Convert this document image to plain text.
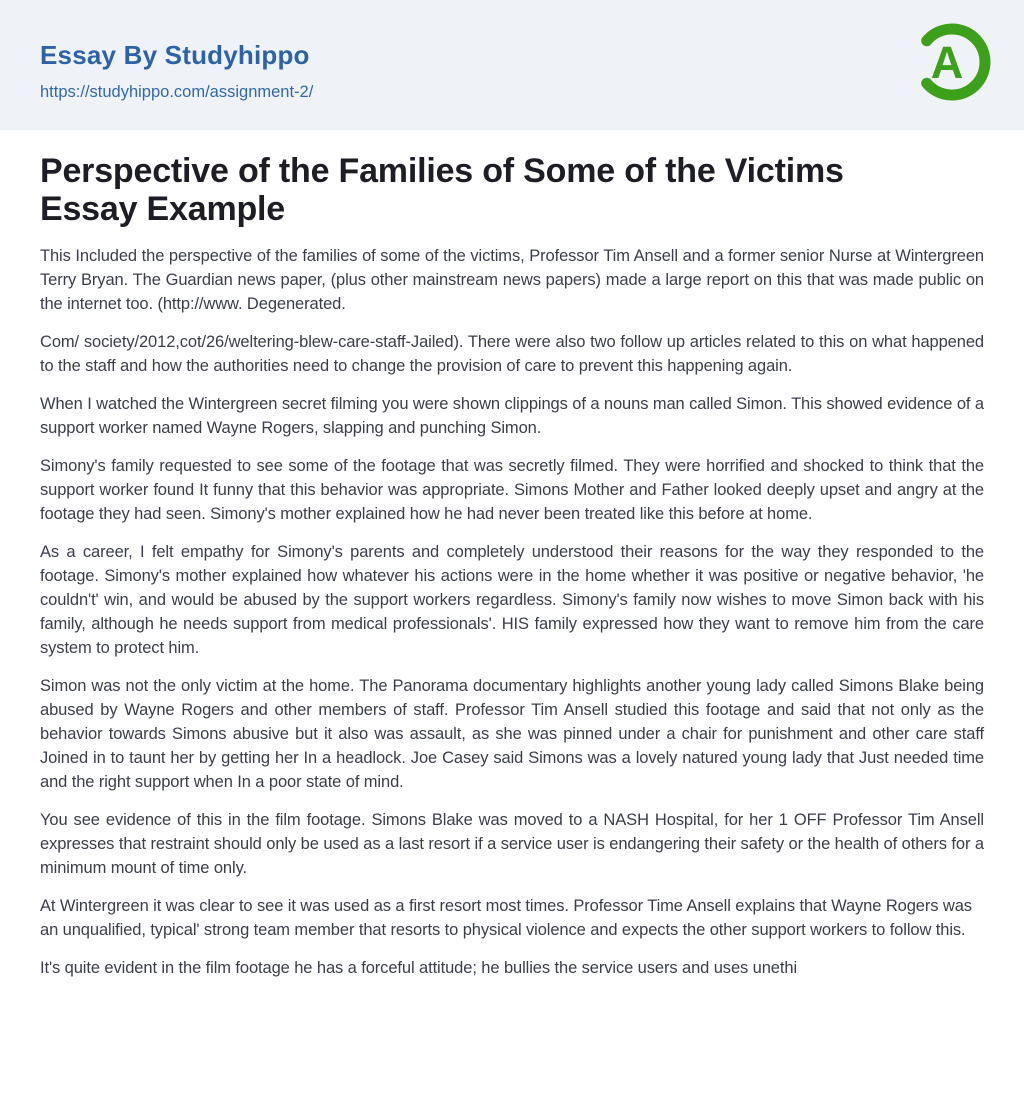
Essay By Studyhippo
https://studyhippo.com/assignment-2/
A
Perspective of the Families of Some of the Victims Essay Example

This Included the perspective of the families of some of the victims, Professor Tim Ansell and a former senior Nurse at Wintergreen Terry Bryan. The Guardian news paper, (plus other mainstream news papers) made a large report on this that was made public on the internet too. (http://www. Degenerated.

Com/ society/2012,cot/26/weltering-blew-care-staff-Jailed). There were also two follow up articles related to this on what happened to the staff and how the authorities need to change the provision of care to prevent this happening again.

When I watched the Wintergreen secret filming you were shown clippings of a nouns man called Simon. This showed evidence of a support worker named Wayne Rogers, slapping and punching Simon.

Simony's family requested to see some of the footage that was secretly filmed. They were horrified and shocked to think that the support worker found It funny that this behavior was appropriate. Simons Mother and Father looked deeply upset and angry at the footage they had seen. Simony's mother explained how he had never been treated like this before at home.

As a career, I felt empathy for Simony's parents and completely understood their reasons for the way they responded to the footage. Simony's mother explained how whatever his actions were in the home whether it was positive or negative behavior, 'he couldn't' win, and would be abused by the support workers regardless. Simony's family now wishes to move Simon back with his family, although he needs support from medical professionals'. HIS family expressed how they want to remove him from the care system to protect him.

Simon was not the only victim at the home. The Panorama documentary highlights another young lady called Simons Blake being abused by Wayne Rogers and other members of staff. Professor Tim Ansell studied this footage and said that not only as the behavior towards Simons abusive but it also was assault, as she was pinned under a chair for punishment and other care staff Joined in to taunt her by getting her In a headlock. Joe Casey said Simons was a lovely natured young lady that Just needed time and the right support when In a poor state of mind.

You see evidence of this in the film footage. Simons Blake was moved to a NASH Hospital, for her 1 OFF Professor Tim Ansell expresses that restraint should only be used as a last resort if a service user is endangering their safety or the health of others for a minimum mount of time only.

At Wintergreen it was clear to see it was used as a first resort most times. Professor Time Ansell explains that Wayne Rogers was an unqualified, typical' strong team member that resorts to physical violence and expects the other support workers to follow this.

It's quite evident in the film footage he has a forceful attitude; he bullies the service users and uses unethi
